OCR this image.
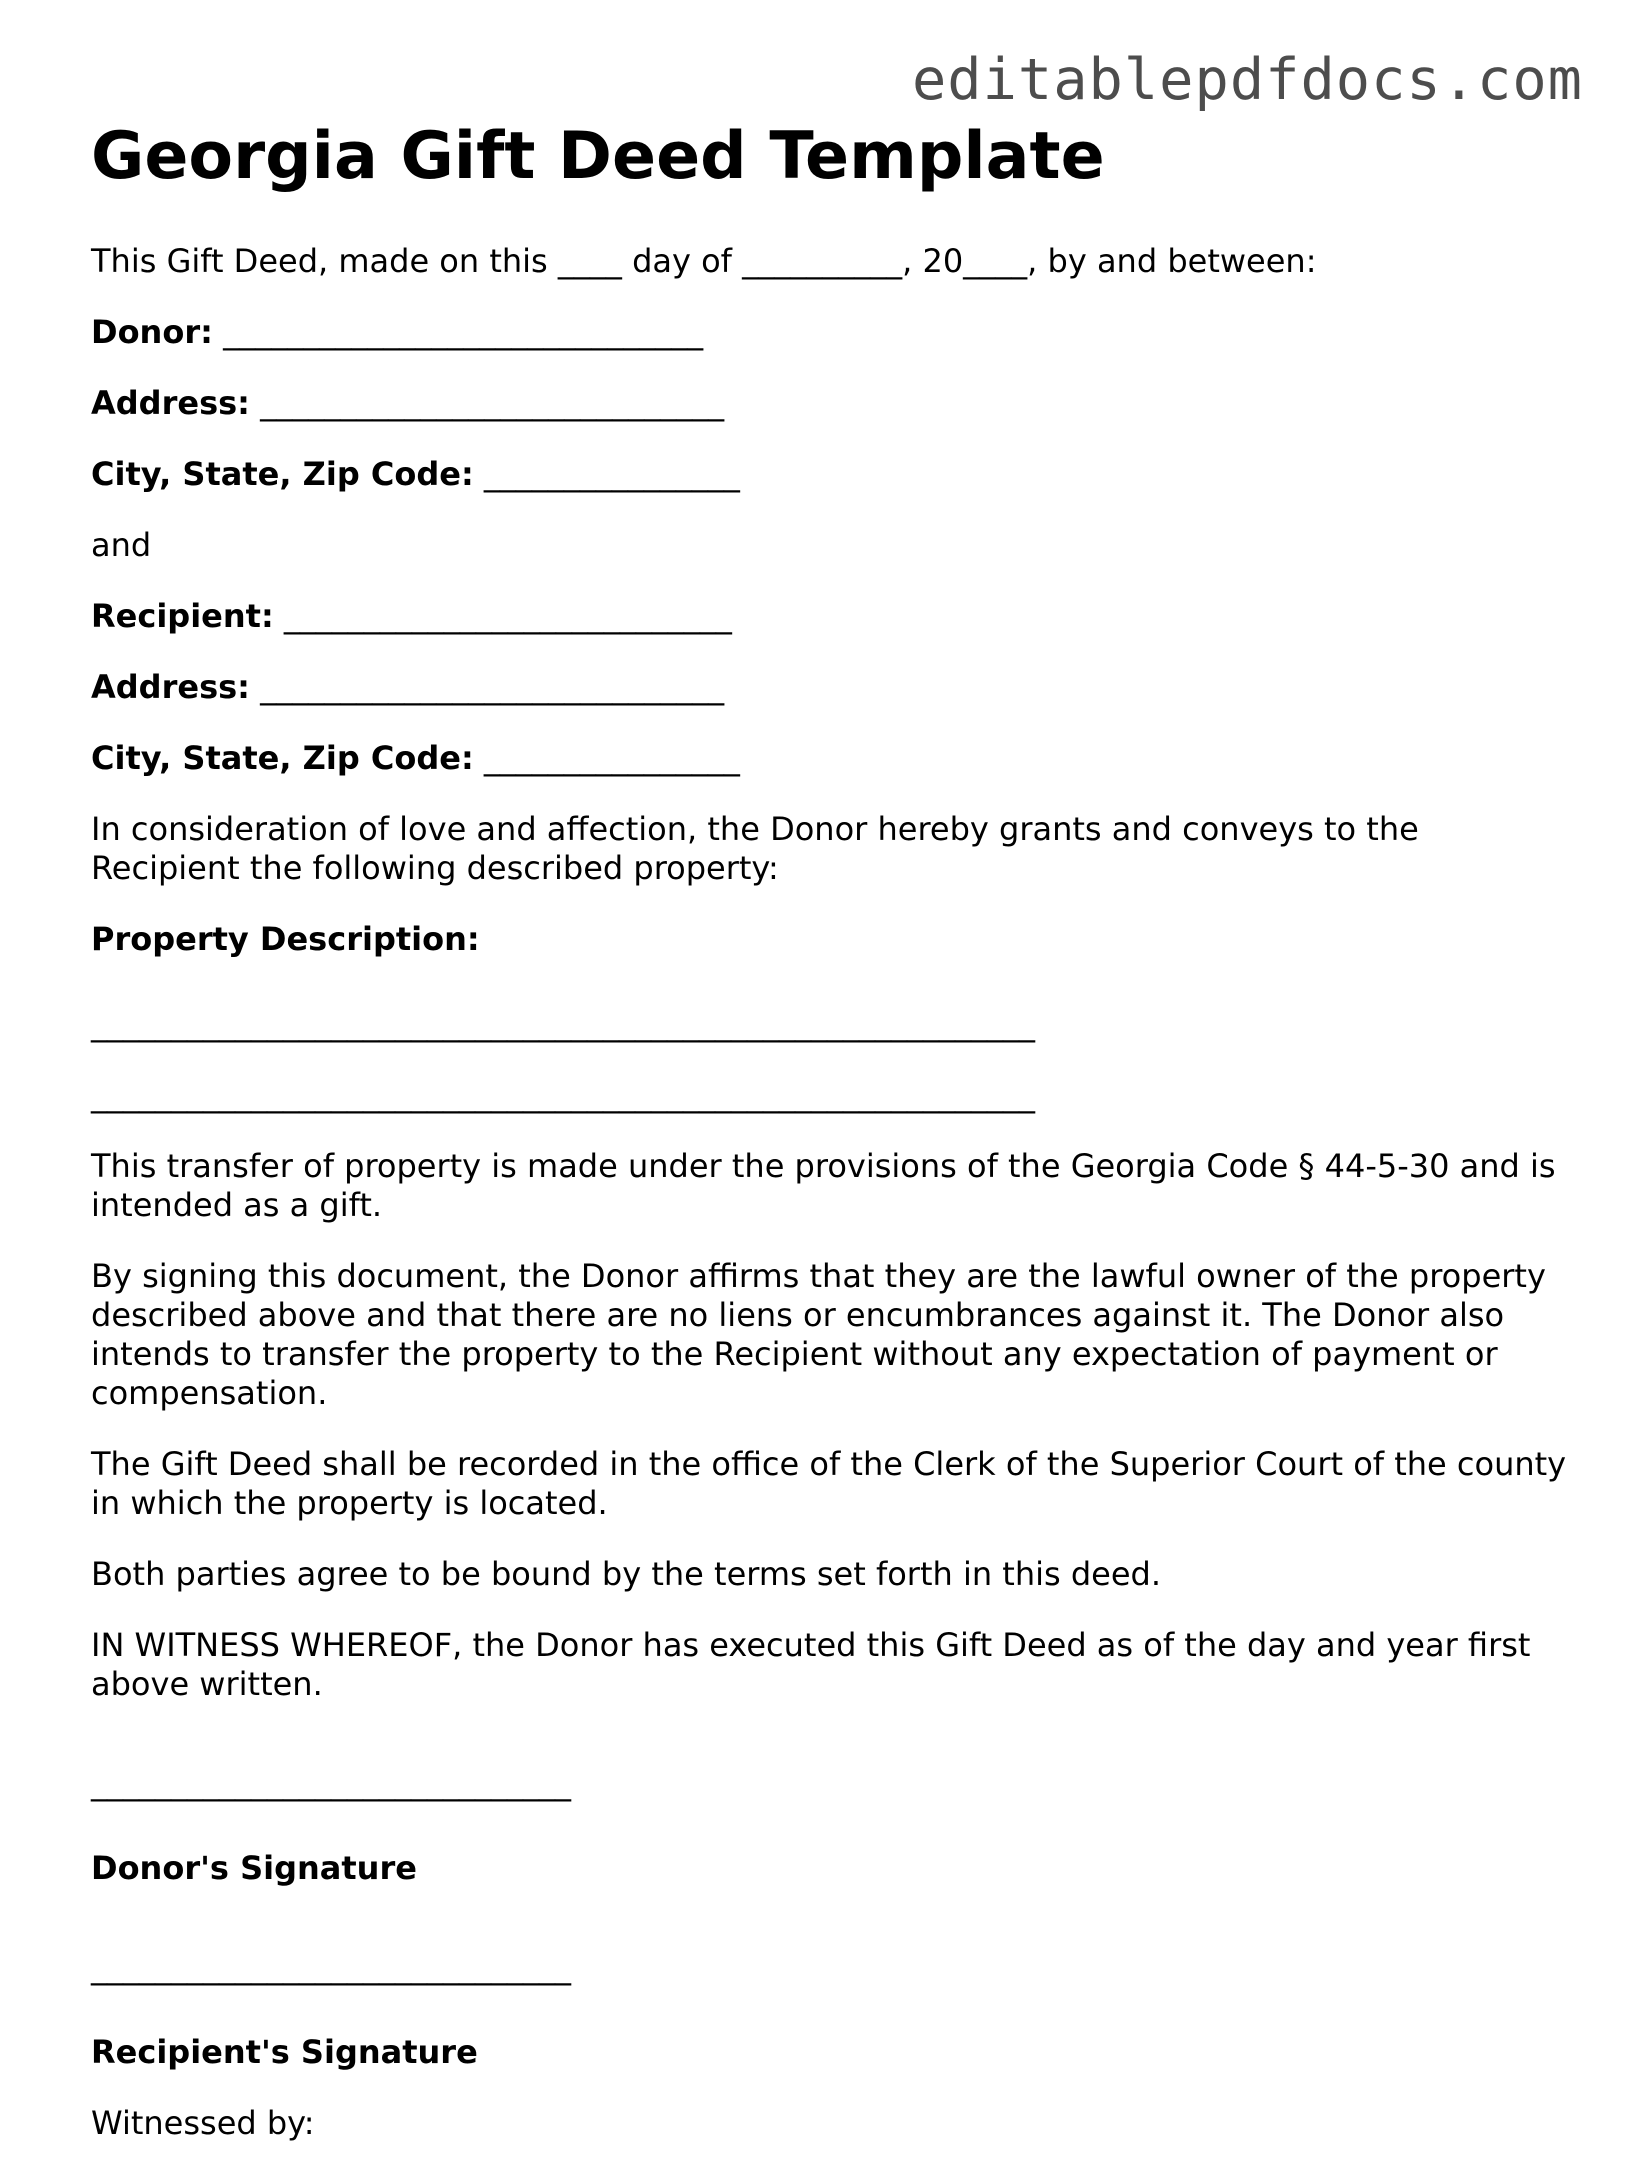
editablepdfdocs.com
Georgia Gift Deed Template

This Gift Deed, made on this ____ day of __________, 20____, by and between:

Donor: ______________________________

Address: _____________________________

City, State, Zip Code: ________________

and

Recipient: ____________________________

Address: _____________________________

City, State, Zip Code: ________________

In consideration of love and affection, the Donor hereby grants and conveys to the Recipient the following described property:

Property Description:

___________________________________________________________

___________________________________________________________

This transfer of property is made under the provisions of the Georgia Code § 44-5-30 and is intended as a gift.

By signing this document, the Donor affirms that they are the lawful owner of the property described above and that there are no liens or encumbrances against it. The Donor also intends to transfer the property to the Recipient without any expectation of payment or compensation.

The Gift Deed shall be recorded in the office of the Clerk of the Superior Court of the county in which the property is located.

Both parties agree to be bound by the terms set forth in this deed.

IN WITNESS WHEREOF, the Donor has executed this Gift Deed as of the day and year first above written.

______________________________

Donor's Signature

______________________________

Recipient's Signature

Witnessed by:
